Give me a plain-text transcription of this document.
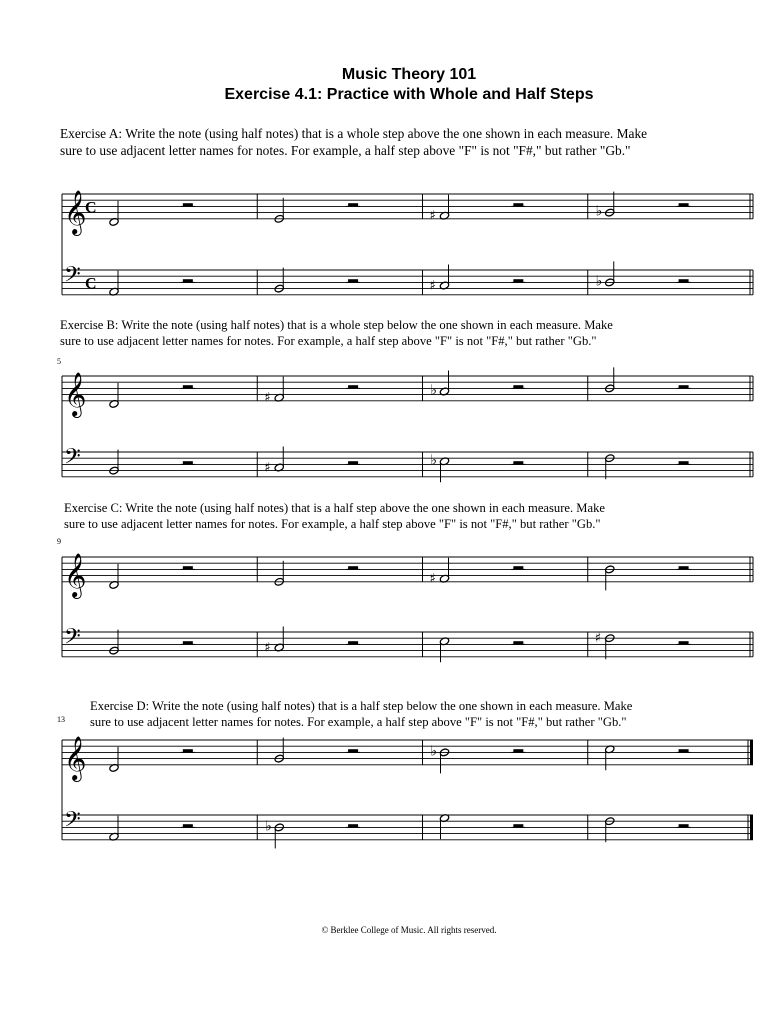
Music Theory 101
Exercise 4.1: Practice with Whole and Half Steps
Exercise A: Write the note (using half notes) that is a whole step above the one shown in each measure. Make
sure to use adjacent letter names for notes. For example, a half step above "F" is not "F#," but rather "Gb."
Exercise B: Write the note (using half notes) that is a whole step below the one shown in each measure. Make
sure to use adjacent letter names for notes. For example, a half step above "F" is not "F#," but rather "Gb."
5
Exercise C: Write the note (using half notes) that is a half step above the one shown in each measure. Make
sure to use adjacent letter names for notes. For example, a half step above "F" is not "F#," but rather "Gb."
9
Exercise D: Write the note (using half notes) that is a half step below the one shown in each measure. Make
sure to use adjacent letter names for notes. For example, a half step above "F" is not "F#," but rather "Gb."
13
𝄞
𝄢
C
C
♯
♯
♭
♭
𝄞
𝄢
♯
♯
♭
♭
𝄞
𝄢	♯
♯
♯
𝄞
𝄢	♭
♭
© Berklee College of Music. All rights reserved.
